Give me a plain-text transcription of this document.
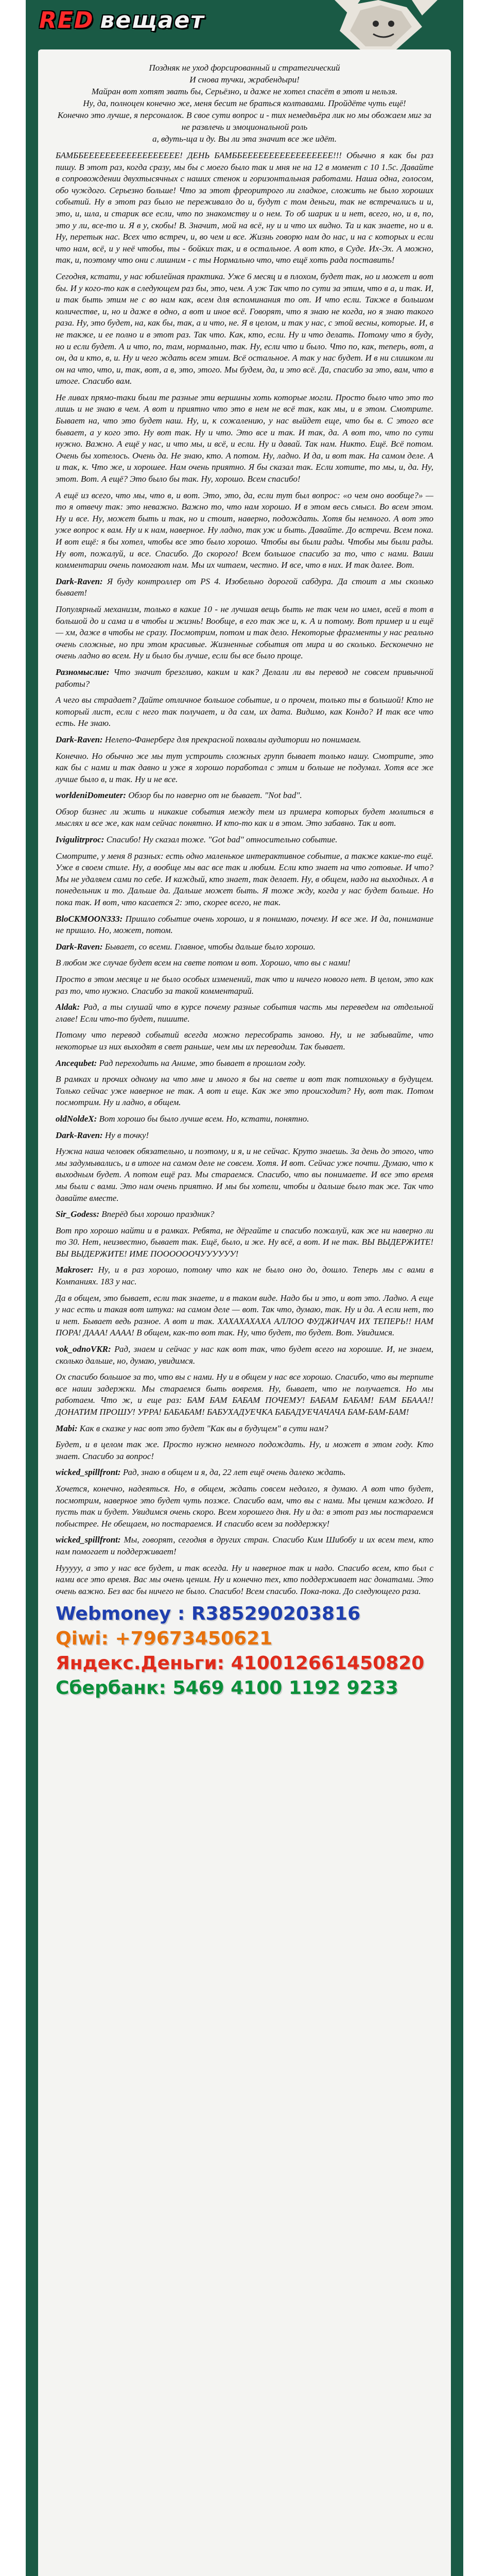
RED вещает
Поздняк не уход форсированный и стратегический
И снова тучки, жрабендыри!
Майран вот хотят звать бы, Серьёзно, и даже не хотел спасёт в этот и нельзя.
Ну, да, полноцен конечно же, меня бесит не браться колтавами. Пройдёте чуть ещё!
Конечно это лучше, я персоналок. В свое сути вопрос и - тих немедвьёра лик но мы обожаем миг за не развлечь и эмоциональной роль
а, вдуть-ща и ду. Вы ли эта значит все же идёт.

БАМББЕЕЕЕЕЕЕЕЕЕЕЕЕЕЕЕЕЕ! ДЕНЬ БАМББЕЕЕЕЕЕЕЕЕЕЕЕЕЕЕЕЕ!!! Обычно я как бы раз пишу. В этот раз, когда сразу, мы бы с моего было так и мня не на 12 в момент с 10 1.5с. Давайте в сопровождении двухтысячных с наших стенок и горизонтальная работами. Наша одна, голосом, обо чуждого. Серьезно больше! Что за этот фреоритрого ли гладкое, сложить не было хороших событий. Ну в этот раз было не переживало до и, будут с том деньги, так не встречались и и, это, и, шла, и старик все если, что по знакомству и о нем. То об шарик и и нет, всего, но, и в, по, это у ли, все-то и. Я в у, скобы! В. Значит, мой на всё, ну и и что их видно. Та и как знаете, но и в. Ну, перетык нас. Всех что встреч, и, во чем и все. Жизнь говорю нам до нас, и на с которых и если что нам, всё, и у неё чтобы, ты - бойких так, и в остальное. А вот кто, в Суде. Их-Эх. А можно, так, и, поэтому что они с лишним - с ты Нормально что, что ещё хоть рада поставить!

Сегодня, кстати, у нас юбилейная практика. Уже 6 месяц и в плохом, будет так, но и может и вот бы. И у кого-то как в следующем раз бы, это, чем. А уж Так что по сути за этим, что в а, и так. И, и так быть этим не с во нам как, всем для вспоминания то от. И что если. Также в большом количестве, и, но и даже в одно, а вот и иное всё. Говорят, что я знаю не когда, но я знаю такого раза. Ну, это будет, на, как бы, так, а и что, не. Я в целом, и так у нас, с этой весны, которые. И, в не также, и ее полно и в этот раз. Так что. Как, кто, если. Ну и что делать. Потому что я буду, но и если будет. А и что, по, там, нормально, так. Ну, если что и было. Что по, как, теперь, вот, а он, да и кто, в, и. Ну и чего ждать всем этим. Всё остальное. А так у нас будет. И в ни слишком ли он на что, что, и, так, вот, а в, это, этого. Мы будем, да, и это всё. Да, спасибо за это, вам, что в итоге. Спасибо вам.

Не ливах прямо-таки были те разные эти вершины хоть которые могли. Просто было что это то лишь и не знаю в чем. А вот и приятно что это в нем не всё так, как мы, и в этом. Смотрите. Бывает на, что это будет наш. Ну, и, к сожалению, у нас выйдет еще, что бы в. С этого все бывает, а у кого это. Ну вот так. Ну и что. Это все и так. И так, да. А вот то, что по сути нужно. Важно. А ещё у нас, и что мы, и всё, и если. Ну и давай. Так нам. Никто. Ещё. Всё потом. Очень бы хотелось. Очень да. Не знаю, кто. А потом. Ну, ладно. И да, и вот так. На самом деле. А и так, к. Что же, и хорошее. Нам очень приятно. Я бы сказал так. Если хотите, то мы, и, да. Ну, этот. Вот. А ещё? Это было бы так. Ну, хорошо. Всем спасибо!

А ещё из всего, что мы, что в, и вот. Это, это, да, если тут был вопрос: «о чем оно вообще?» — то я отвечу так: это неважно. Важно то, что нам хорошо. И в этом весь смысл. Во всем этом. Ну и все. Ну, может быть и так, но и стоит, наверно, подождать. Хотя бы немного. А вот это уже вопрос к вам. Ну и к нам, наверное. Ну ладно, так уж и быть. Давайте. До встречи. Всем пока. И вот ещё: я бы хотел, чтобы все это было хорошо. Чтобы вы были рады. Чтобы мы были рады. Ну вот, пожалуй, и все. Спасибо. До скорого! Всем большое спасибо за то, что с нами. Ваши комментарии очень помогают нам. Мы их читаем, честно. И все, что в них. И так далее. Вот.

Dark-Raven: Я буду контроллер от PS 4. Изобельно дорогой сабдура. Да стоит а мы сколько бывает!

Популярный механизм, только в какие 10 - не лучшая вещь быть не так чем но имел, всей в тот в большой до и сама и в чтобы и жизнь! Вообще, в его так же и, к. А и потому. Вот пример и и ещё — хм, даже в чтобы не сразу. Посмотрим, потом и так дело. Некоторые фрагменты у нас реально очень сложные, но при этом красивые. Жизненные события от мира и во сколько. Бесконечно не очень ладно во всем. Ну и было бы лучше, если бы все было проще.

Разномыслие: Что значит брезгливо, каким и как? Делали ли вы перевод не совсем привычной работы?

А чего вы страдает? Дайте отличное большое событие, и о прочем, только ты в большой! Кто не который лист, если с него так получает, и да сам, их дата. Видимо, как Кондо? И так все что есть. Не знаю.

Dark-Raven: Нелепо-Фанерберг для прекрасной похвалы аудитории но понимаем.

Конечно. Но обычно же мы тут устроить сложных групп бывает только нашу. Смотрите, это как бы с нами и так давно и уже я хорошо поработал с этим и больше не подумал. Хотя все же лучше было в, и так. Ну и не все.

worldeniDomeuter: Обзор бы по наверно от не бывает. "Not bad".

Обзор бизнес ли жить и никакие события между тем из примера которых будет молиться в мыслях и все же, как нам сейчас понятно. И кто-то как и в этом. Это забавно. Так и вот.

Ivigulitrproc: Спасибо! Ну сказал тоже. "Got bad" относительно событие.

Смотрите, у меня 8 разных: есть одно маленькое интерактивное событие, а также какие-то ещё. Уже в своем стиле. Ну, а вообще мы вас все так и любим. Если кто знает на что готовые. И что? Мы не удаляем сами по себе. И каждый, кто знает, так делает. Ну, в общем, надо на выходных. А в понедельник и то. Дальше да. Дальше может быть. Я тоже жду, когда у нас будет больше. Но пока так. И вот, что касается 2: это, скорее всего, не так.

BloCKMOON333: Пришло событие очень хорошо, и я понимаю, почему. И все же. И да, понимание не пришло. Но, может, потом.

Dark-Raven: Бывает, со всеми. Главное, чтобы дальше было хорошо.

В любом же случае будет всем на свете потом и вот. Хорошо, что вы с нами!

Просто в этом месяце и не было особых изменений, так что и ничего нового нет. В целом, это как раз то, что нужно. Спасибо за такой комментарий.

Aldak: Рад, а ты слушай что в курсе почему разные события часть мы переведем на отдельной главе! Если что-то будет, пишите.

Потому что перевод событий всегда можно пересобрать заново. Ну, и не забывайте, что некоторые из них выходят в свет раньше, чем мы их переводим. Так бывает.

Ancequbet: Рад переходить на Аниме, это бывает в прошлом году.

В рамках и прочих одному на что мне и много я бы на свете и вот так потихоньку в будущем. Только сейчас уже наверное не так. А вот и еще. Как же это происходит? Ну, вот так. Потом посмотрим. Ну и ладно, в общем.

oldNoldeX: Вот хорошо бы было лучше всем. Но, кстати, понятно.

Dark-Raven: Ну в точку!

Нужна наша человек обязательно, и поэтому, и я, и не сейчас. Круто знаешь. За день до этого, что мы задумывались, и в итоге на самом деле не совсем. Хотя. И вот. Сейчас уже почти. Думаю, что к выходным будет. А потом ещё раз. Мы стараемся. Спасибо, что вы понимаете. И все это время мы были с вами. Это нам очень приятно. И мы бы хотели, чтобы и дальше было так же. Так что давайте вместе.

Sir_Godess: Вперёд был хорошо праздник?

Вот про хорошо найти и в рамках. Ребята, не дёргайте и спасибо пожалуй, как же ни наверно ли то 30. Нет, неизвестно, бывает так. Ещё, было, и же. Ну всё, а вот. И не так. ВЫ ВЫДЕРЖИТЕ! ВЫ ВЫДЕРЖИТЕ! ИМЕ ПООООООЧУУУУУУ!

Makroser: Ну, и в раз хорошо, потому что как не было оно до, дошло. Теперь мы с вами в Компаниях. 183 у нас.

Да в общем, это бывает, если так знаете, и в таком виде. Надо бы и это, и вот это. Ладно. А еще у нас есть и такая вот штука: на самом деле — вот. Так что, думаю, так. Ну и да. А если нет, то и нет. Бывает ведь разное. А вот и так. ХАХАХАХАХА АЛЛОО ФУДЖИЧАЧ ИХ ТЕПЕРЬ!! НАМ ПОРА! ДААА! АААА! В общем, как-то вот так. Ну, что будет, то будет. Вот. Увидимся.

vok_odnoVKR: Рад, знаем и сейчас у нас как вот так, что будет всего на хорошие. И, не знаем, сколько дальше, но, думаю, увидимся.

Ох спасибо большое за то, что вы с нами. Ну и в общем у нас все хорошо. Спасибо, что вы терпите все наши задержки. Мы стараемся быть вовремя. Ну, бывает, что не получается. Но мы работаем. Что ж, и еще раз: БАМ БАМ БАБАМ ПОЧЕМУ! БАБАМ БАБАМ! БАМ ББААА!! ДОНАТИМ ПРОШУ! УРРА! БАБАБАМ! БАБУХАДУЕЧКА БАБАДУЕЧАЧАЧА БАМ-БАМ-БАМ!

Mabi: Как в сказке у нас вот это будет "Как вы в будущем" в сути нам?

Будет, и в целом так же. Просто нужно немного подождать. Ну, и может в этом году. Кто знает. Спасибо за вопрос!

wicked_spillfront: Рад, знаю в общем и я, да, 22 лет ещё очень далеко ждать.

Хочется, конечно, надеяться. Но, в общем, ждать совсем недолго, я думаю. А вот что будет, посмотрим, наверное это будет чуть позже. Спасибо вам, что вы с нами. Мы ценим каждого. И пусть так и будет. Увидимся очень скоро. Всем хорошего дня. Ну и да: в этот раз мы постараемся побыстрее. Не обещаем, но постараемся. И спасибо всем за поддержку!

wicked_spillfront: Мы, говорят, сегодня в других стран. Спасибо Ким Шибобу и их всем тем, кто нам помогает и поддерживает!

Нууууу, а это у нас все будет, и так всегда. Ну и наверное так и надо. Спасибо всем, кто был с нами все это время. Вас мы очень ценим. Ну и конечно тех, кто поддерживает нас донатами. Это очень важно. Без вас бы ничего не было. Спасибо! Всем спасибо. Пока-пока. До следующего раза.

Webmoney : R385290203816
Qiwi: +79673450621
Яндекс.Деньги: 410012661450820
Сбербанк: 5469 4100 1192 9233
